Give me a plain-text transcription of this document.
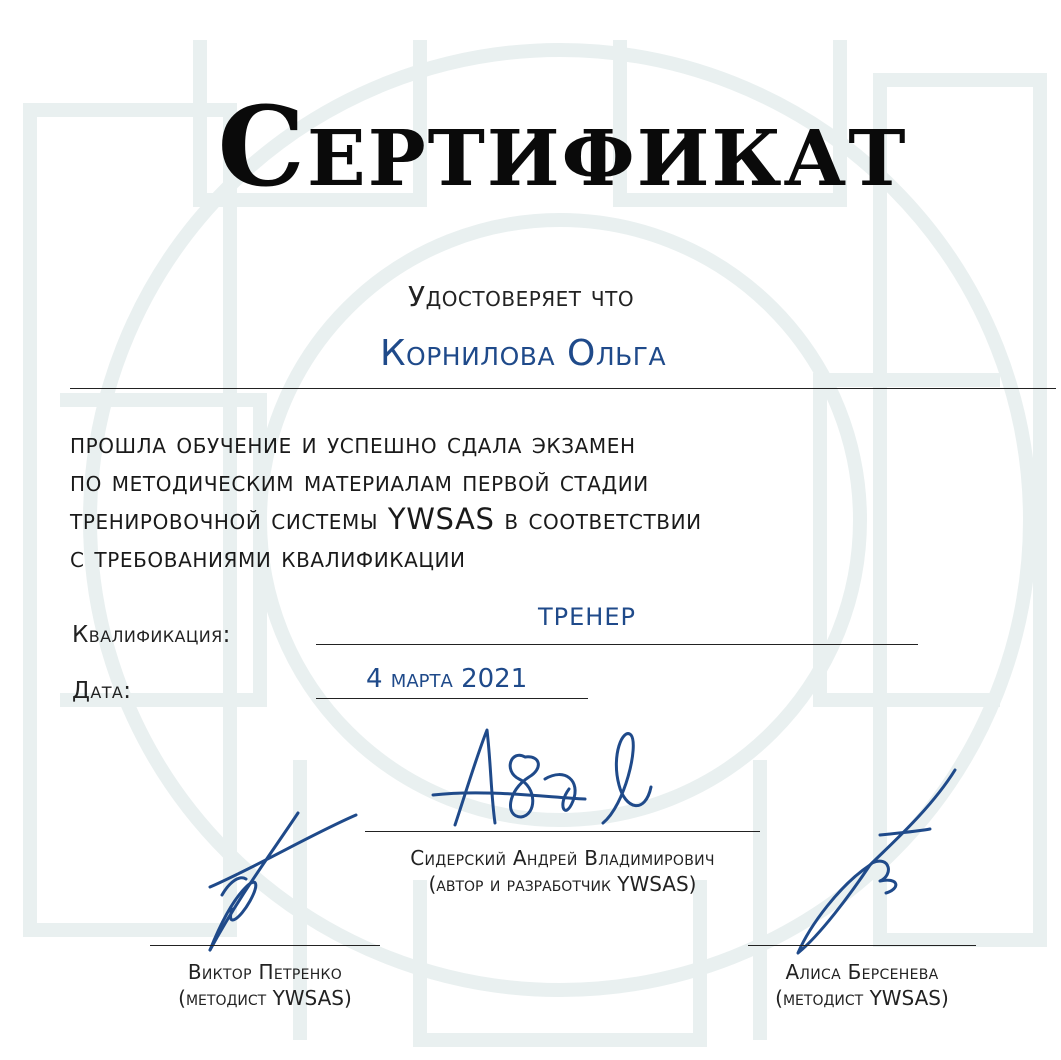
Сертификат
Удостоверяет что
Корнилова Ольга
прошла обучение и успешно сдала экзамен
по методическим материалам первой стадии
тренировочной системы YWSAS в соответствии
с требованиями квалификации
Квалификация:
тренер
Дата:	4 марта 2021
Сидерский Андрей Владимирович
(автор и разработчик YWSAS)
Виктор Петренко
(методист YWSAS)
Алиса Берсенева
(методист YWSAS)
